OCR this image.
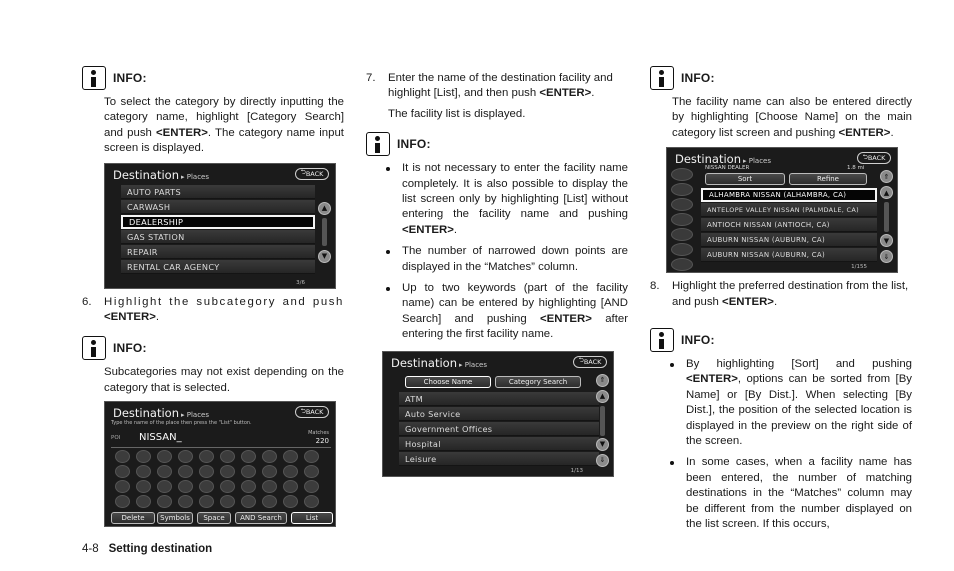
INFO:

To select the category by directly inputting the category name, highlight [Category Search] and push <ENTER>. The category name input screen is displayed.

Destination ▸ Places
⮌ BACK
AUTO PARTS
CARWASH
DEALERSHIP
GAS STATION
REPAIR
RENTAL CAR AGENCY
▲
▼
3/6
6.	Highlight the subcategory and push <ENTER>.
INFO:

Subcategories may not exist depending on the category that is selected.

Destination ▸ Places
⮌ BACK
Type the name of the place then press the "List" button.
POI NISSAN_	Matches
220
Delete	Symbols	Space	AND Search	List
7.	Enter the name of the destination facility and highlight [List], and then push <ENTER>.

The facility list is displayed.

INFO:
It is not necessary to enter the facility name completely. It is also possible to display the list screen only by highlighting [List] without entering the facility name and pushing <ENTER>.
The number of narrowed down points are displayed in the “Matches” column.
Up to two keywords (part of the facility name) can be entered by highlighting [AND Search] and pushing <ENTER> after entering the first facility name.
Destination ▸ Places
⮌ BACK
Choose Name	Category Search
ATM
Auto Service
Government Offices
Hospital
Leisure
⇑
▲
▼
⇓
1/13
INFO:

The facility name can also be entered directly by highlighting [Choose Name] on the main category list screen and pushing <ENTER>.

Destination ▸ Places
⮌ BACK
NISSAN DEALER	1.8 mi
Sort	Refine
ALHAMBRA NISSAN (ALHAMBRA, CA)
ANTELOPE VALLEY NISSAN (PALMDALE, CA)
ANTIOCH NISSAN (ANTIOCH, CA)
AUBURN NISSAN (AUBURN, CA)
AUBURN NISSAN (AUBURN, CA)
⇑
▲
▼
⇓
1/155
8.	Highlight the preferred destination from the list, and push <ENTER>.
INFO:
By highlighting [Sort] and pushing <ENTER>, options can be sorted from [By Name] or [By Dist.]. When selecting [By Dist.], the position of the selected location is displayed in the preview on the right side of the screen.
In some cases, when a facility name has been entered, the number of matching destinations in the “Matches” column may be different from the number displayed on the list screen. If this occurs,
4-8 Setting destination
